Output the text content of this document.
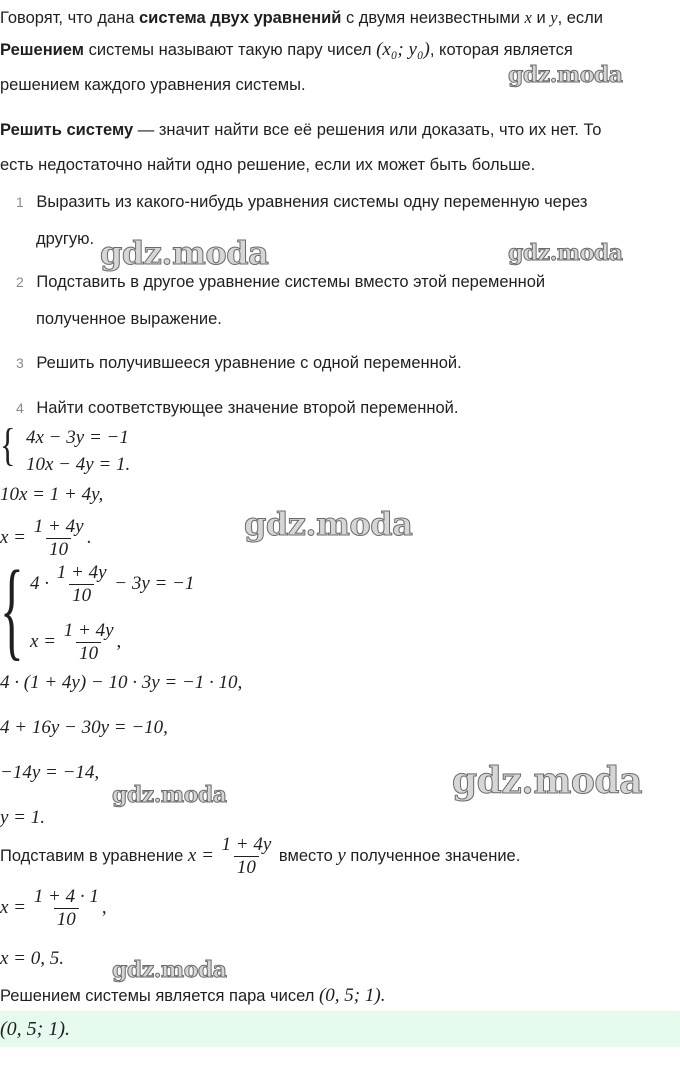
Говорят, что дана система двух уравнений с двумя неизвестными x и y, если
Решением системы называют такую пару чисел (x₀; y₀), которая является
решением каждого уравнения системы.
Решить систему — значит найти все её решения или доказать, что их нет. То
есть недостаточно найти одно решение, если их может быть больше.
1 Выразить из какого-нибудь уравнения системы одну переменную через
другую.
2 Подставить в другое уравнение системы вместо этой переменной
полученное выражение.
3 Решить получившееся уравнение с одной переменной.
4 Найти соответствующее значение второй переменной.
{ 4x − 3y = −1
10x − 4y = 1.
10x = 1 + 4y,
$x = \frac{1 + 4y}{10}$ .
{ $4 \cdot \frac{1 + 4y}{10} - 3y = -1$
$x = \frac{1 + 4y}{10}$ ,
4 · (1 + 4y) − 10 · 3y = −1 · 10,
4 + 16y − 30y = −10,
−14y = −14,
y = 1.
Подставим в уравнение $x = \frac{1 + 4y}{10}$ вместо y полученное значение.
$x = \frac{1 + 4 \cdot 1}{10}$ ,
x = 0, 5.
Решением системы является пара чисел (0, 5; 1).
(0, 5; 1).
gdz.moda
gdz.moda	gdz.moda
gdz.moda
gdz.moda
gdz.moda
gdz.moda
